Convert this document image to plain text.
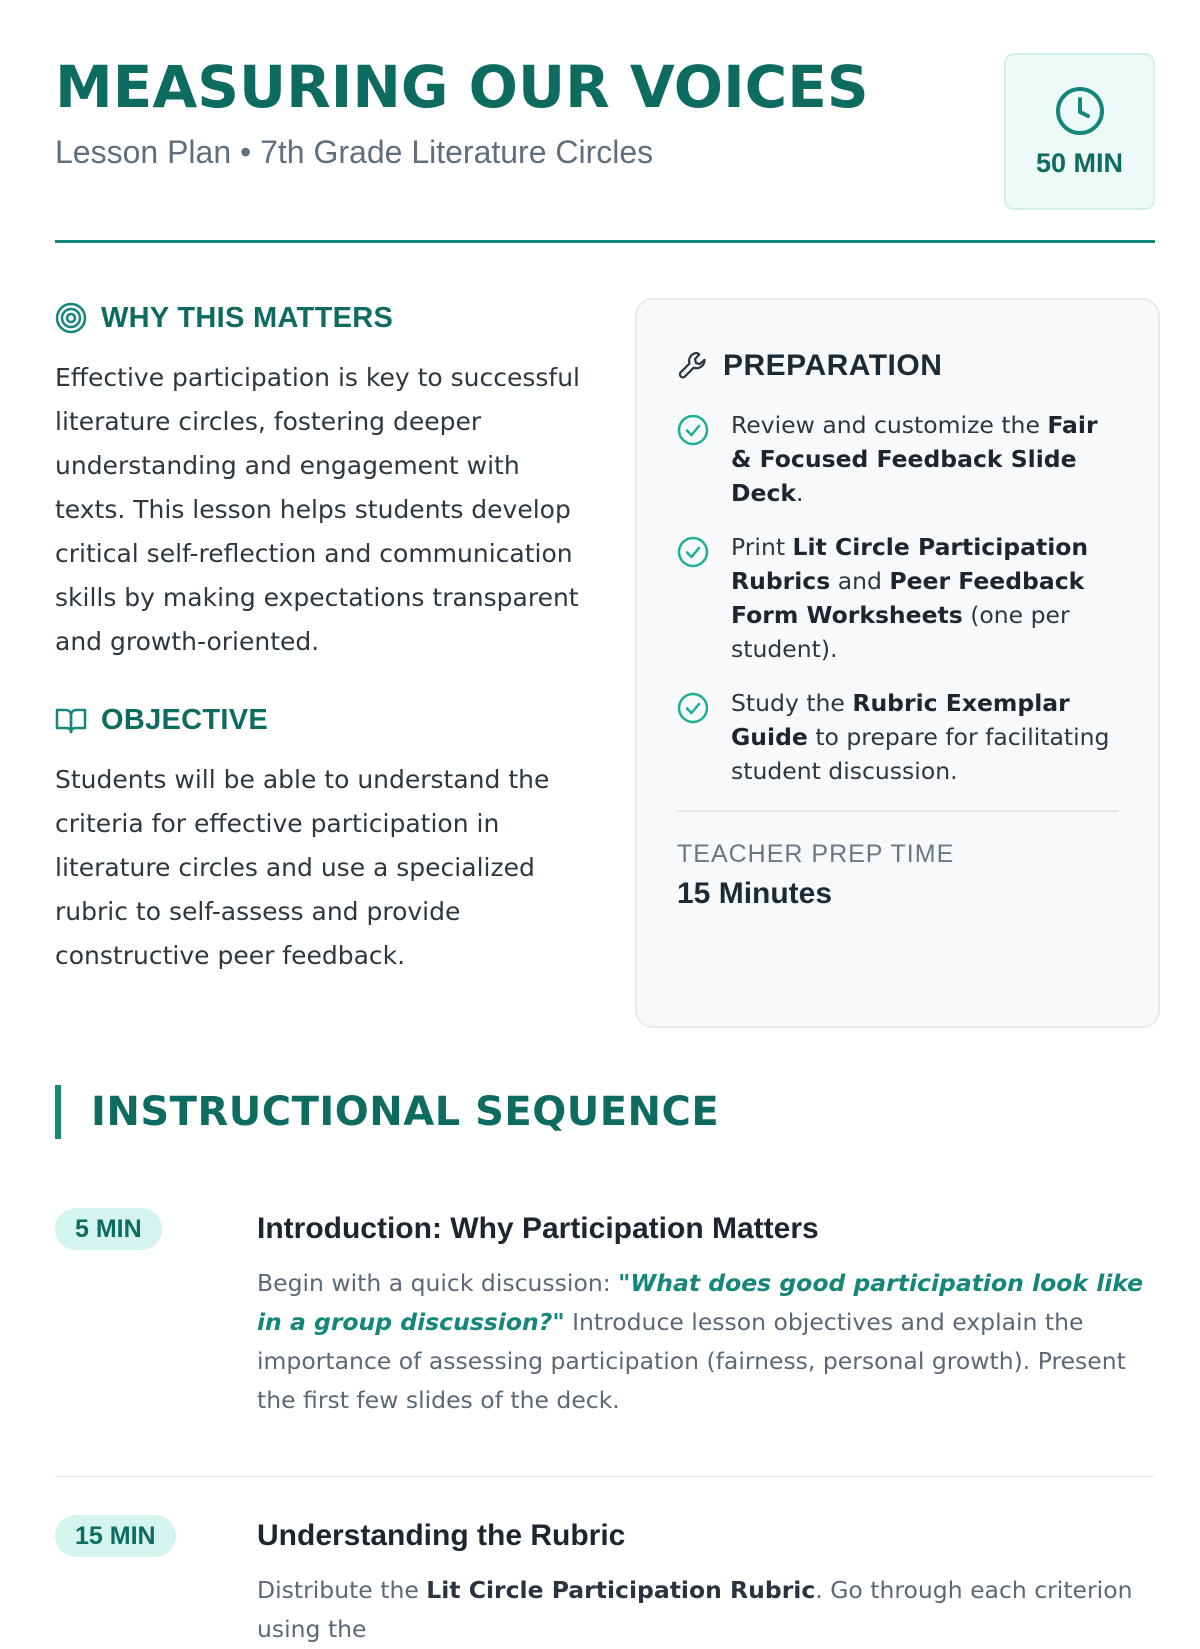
MEASURING OUR VOICES
Lesson Plan • 7th Grade Literature Circles	50 MIN
WHY THIS MATTERS

Effective participation is key to successful literature circles, fostering deeper understanding and engagement with texts. This lesson helps students develop critical self-reflection and communication skills by making expectations transparent and growth-oriented.

OBJECTIVE

Students will be able to understand the criteria for effective participation in literature circles and use a specialized rubric to self-assess and provide constructive peer feedback.

PREPARATION
Review and customize the Fair & Focused Feedback Slide Deck.
Print Lit Circle Participation Rubrics and Peer Feedback Form Worksheets (one per student).
Study the Rubric Exemplar Guide to prepare for facilitating student discussion.
TEACHER PREP TIME
15 Minutes
INSTRUCTIONAL SEQUENCE
5 MIN	Introduction: Why Participation Matters

Begin with a quick discussion: "What does good participation look like in a group discussion?" Introduce lesson objectives and explain the importance of assessing participation (fairness, personal growth). Present the first few slides of the deck.

15 MIN	Understanding the Rubric

Distribute the Lit Circle Participation Rubric. Go through each criterion using the
